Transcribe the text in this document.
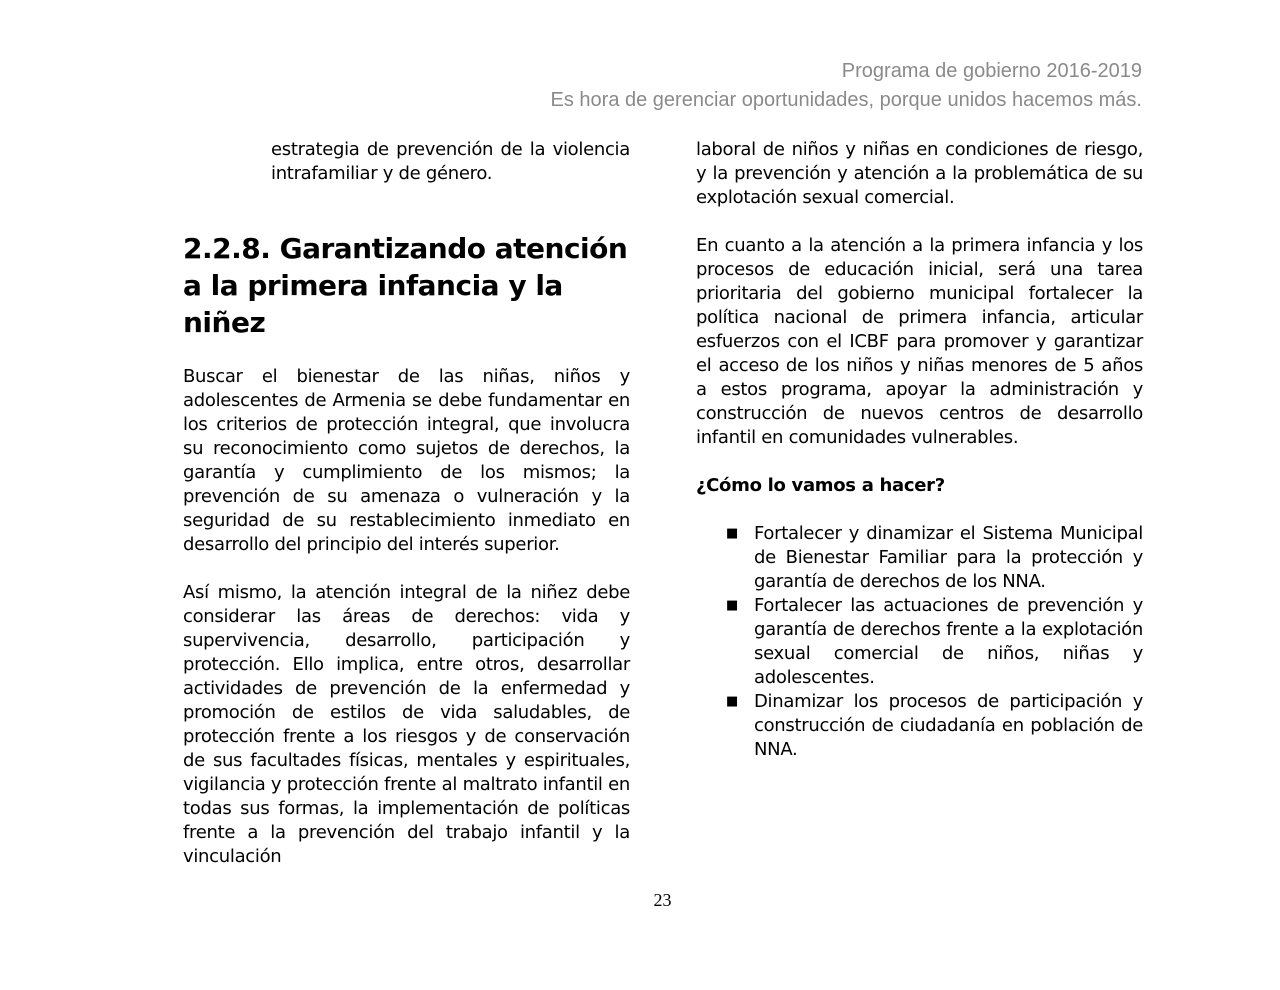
Programa de gobierno 2016-2019
Es hora de gerenciar oportunidades, porque unidos hacemos más.

estrategia de prevención de la violencia intrafamiliar y de género.

2.2.8. Garantizando atención
a la primera infancia y la niñez

Buscar el bienestar de las niñas, niños y adolescentes de Armenia se debe fundamentar en los criterios de protección integral, que involucra su reconocimiento como sujetos de derechos, la garantía y cumplimiento de los mismos; la prevención de su amenaza o vulneración y la seguridad de su restablecimiento inmediato en desarrollo del principio del interés superior.

Así mismo, la atención integral de la niñez debe considerar las áreas de derechos: vida y supervivencia, desarrollo, participación y protección. Ello implica, entre otros, desarrollar actividades de prevención de la enfermedad y promoción de estilos de vida saludables, de protección frente a los riesgos y de conservación de sus facultades físicas, mentales y espirituales, vigilancia y protección frente al maltrato infantil en todas sus formas, la implementación de políticas frente a la prevención del trabajo infantil y la vinculación

laboral de niños y niñas en condiciones de riesgo, y la prevención y atención a la problemática de su explotación sexual comercial.

En cuanto a la atención a la primera infancia y los procesos de educación inicial, será una tarea prioritaria del gobierno municipal fortalecer la política nacional de primera infancia, articular esfuerzos con el ICBF para promover y garantizar el acceso de los niños y niñas menores de 5 años a estos programa, apoyar la administración y construcción de nuevos centros de desarrollo infantil en comunidades vulnerables.

¿Cómo lo vamos a hacer?

■ Fortalecer y dinamizar el Sistema Municipal de Bienestar Familiar para la protección y garantía de derechos de los NNA.
■ Fortalecer las actuaciones de prevención y garantía de derechos frente a la explotación sexual comercial de niños, niñas y adolescentes.
■ Dinamizar los procesos de participación y construcción de ciudadanía en población de NNA.
23
